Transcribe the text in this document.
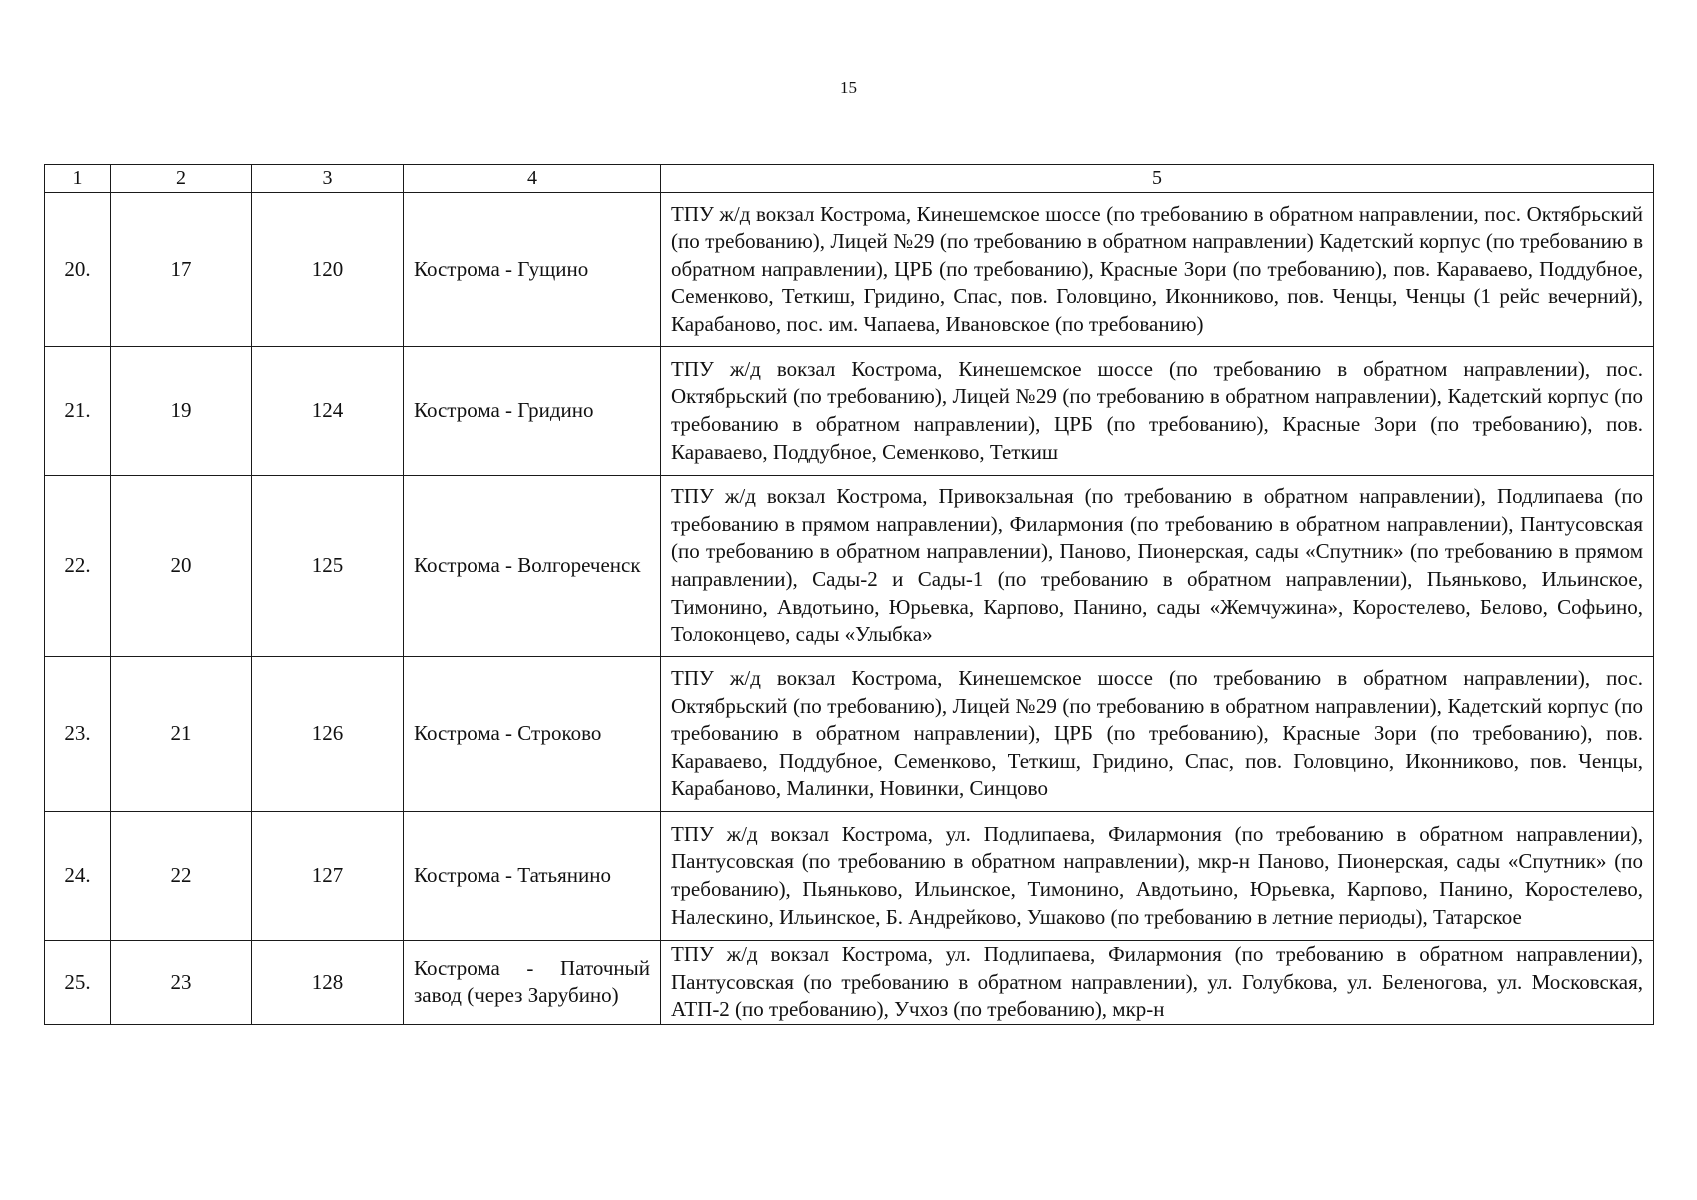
15
1	2	3	4	5
20.	17	120	Кострома - Гущино	ТПУ ж/д вокзал Кострома, Кинешемское шоссе (по требованию в обратном направлении, пос. Октябрьский (по требованию), Лицей №29 (по требованию в обратном направлении) Кадетский корпус (по требованию в обратном направлении), ЦРБ (по требованию), Красные Зори (по требованию), пов. Караваево, Поддубное, Семенково, Теткиш, Гридино, Спас, пов. Головцино, Иконниково, пов. Ченцы, Ченцы (1 рейс вечерний), Карабаново, пос. им. Чапаева, Ивановское (по требованию)
21.	19	124	Кострома - Гридино	ТПУ ж/д вокзал Кострома, Кинешемское шоссе (по требованию в обратном направлении), пос. Октябрьский (по требованию), Лицей №29 (по требованию в обратном направлении), Кадетский корпус (по требованию в обратном направлении), ЦРБ (по требованию), Красные Зори (по требованию), пов. Караваево, Поддубное, Семенково, Теткиш
22.	20	125	Кострома - Волгореченск	ТПУ ж/д вокзал Кострома, Привокзальная (по требованию в обратном направлении), Подлипаева (по требованию в прямом направлении), Филармония (по требованию в обратном направлении), Пантусовская (по требованию в обратном направлении), Паново, Пионерская, сады «Спутник» (по требованию в прямом направлении), Сады-2 и Сады-1 (по требованию в обратном направлении), Пьяньково, Ильинское, Тимонино, Авдотьино, Юрьевка, Карпово, Панино, сады «Жемчужина», Коростелево, Белово, Софьино, Толоконцево, сады «Улыбка»
23.	21	126	Кострома - Строково	ТПУ ж/д вокзал Кострома, Кинешемское шоссе (по требованию в обратном направлении), пос. Октябрьский (по требованию), Лицей №29 (по требованию в обратном направлении), Кадетский корпус (по требованию в обратном направлении), ЦРБ (по требованию), Красные Зори (по требованию), пов. Караваево, Поддубное, Семенково, Теткиш, Гридино, Спас, пов. Головцино, Иконниково, пов. Ченцы, Карабаново, Малинки, Новинки, Синцово
24.	22	127	Кострома - Татьянино	ТПУ ж/д вокзал Кострома, ул. Подлипаева, Филармония (по требованию в обратном направлении), Пантусовская (по требованию в обратном направлении), мкр-н Паново, Пионерская, сады «Спутник» (по требованию), Пьяньково, Ильинское, Тимонино, Авдотьино, Юрьевка, Карпово, Панино, Коростелево, Налескино, Ильинское, Б. Андрейково, Ушаково (по требованию в летние периоды), Татарское
25.	23	128	Кострома - Паточный завод (через Зарубино)	ТПУ ж/д вокзал Кострома, ул. Подлипаева, Филармония (по требованию в обратном направлении), Пантусовская (по требованию в обратном направлении), ул. Голубкова, ул. Беленогова, ул. Московская, АТП-2 (по требованию), Учхоз (по требованию), мкр-н
